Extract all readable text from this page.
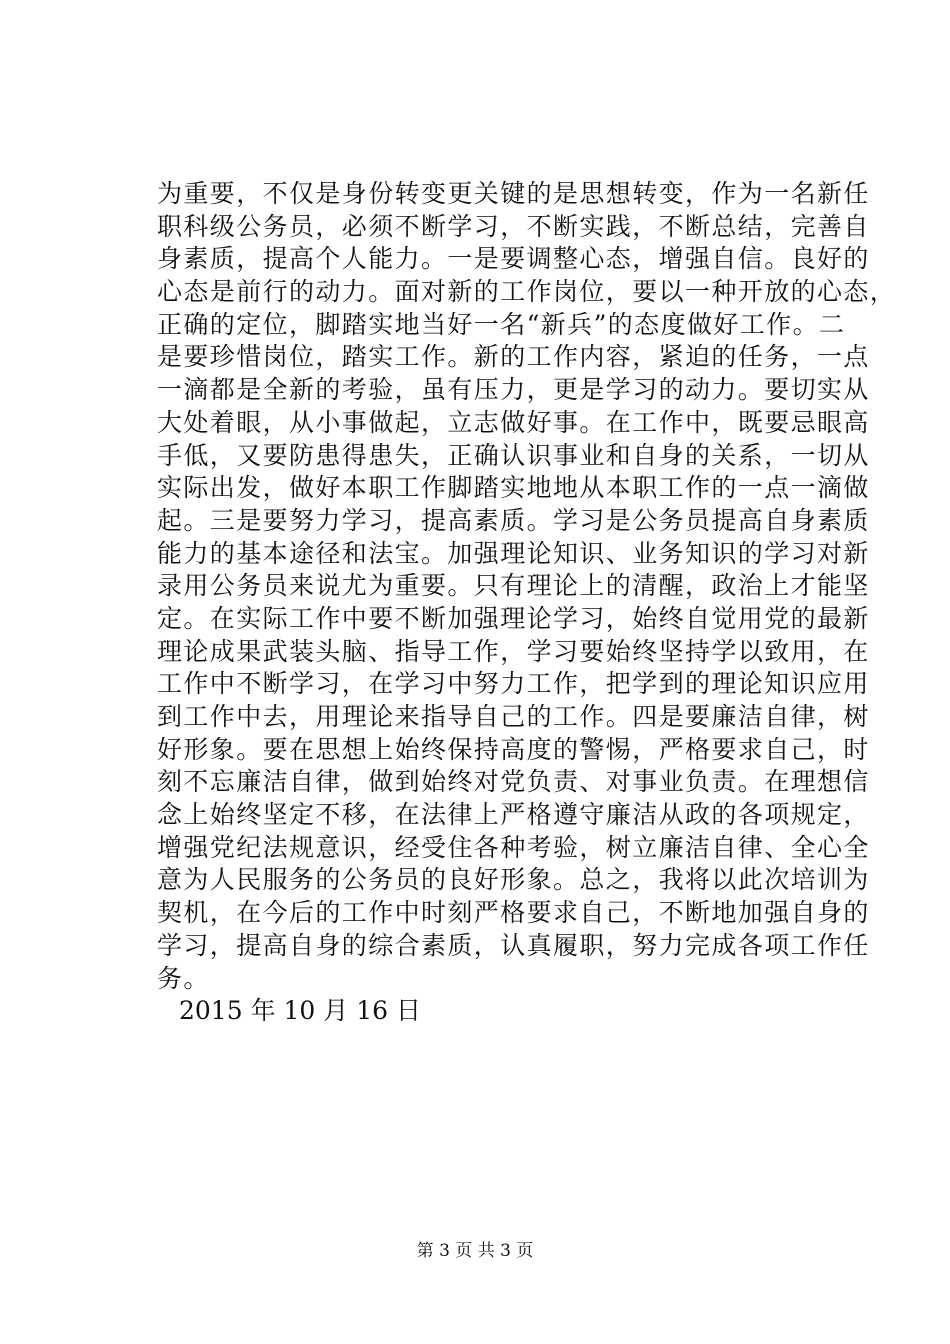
为重要，不仅是身份转变更关键的是思想转变，作为一名新任
职科级公务员，必须不断学习，不断实践，不断总结，完善自
身素质，提高个人能力。一是要调整心态，增强自信。良好的
心态是前行的动力。面对新的工作岗位，要以一种开放的心态，
正确的定位，脚踏实地当好一名“新兵”的态度做好工作。二
是要珍惜岗位，踏实工作。新的工作内容，紧迫的任务，一点
一滴都是全新的考验，虽有压力，更是学习的动力。要切实从
大处着眼，从小事做起，立志做好事。在工作中，既要忌眼高
手低，又要防患得患失，正确认识事业和自身的关系，一切从
实际出发，做好本职工作脚踏实地地从本职工作的一点一滴做
起。三是要努力学习，提高素质。学习是公务员提高自身素质
能力的基本途径和法宝。加强理论知识、业务知识的学习对新
录用公务员来说尤为重要。只有理论上的清醒，政治上才能坚
定。在实际工作中要不断加强理论学习，始终自觉用党的最新
理论成果武装头脑、指导工作，学习要始终坚持学以致用，在
工作中不断学习，在学习中努力工作，把学到的理论知识应用
到工作中去，用理论来指导自己的工作。四是要廉洁自律，树
好形象。要在思想上始终保持高度的警惕，严格要求自己，时
刻不忘廉洁自律，做到始终对党负责、对事业负责。在理想信
念上始终坚定不移，在法律上严格遵守廉洁从政的各项规定，
增强党纪法规意识，经受住各种考验，树立廉洁自律、全心全
意为人民服务的公务员的良好形象。总之，我将以此次培训为
契机，在今后的工作中时刻严格要求自己，不断地加强自身的
学习，提高自身的综合素质，认真履职，努力完成各项工作任
务。
2015 年 10 月 16 日
第 3 页 共 3 页
